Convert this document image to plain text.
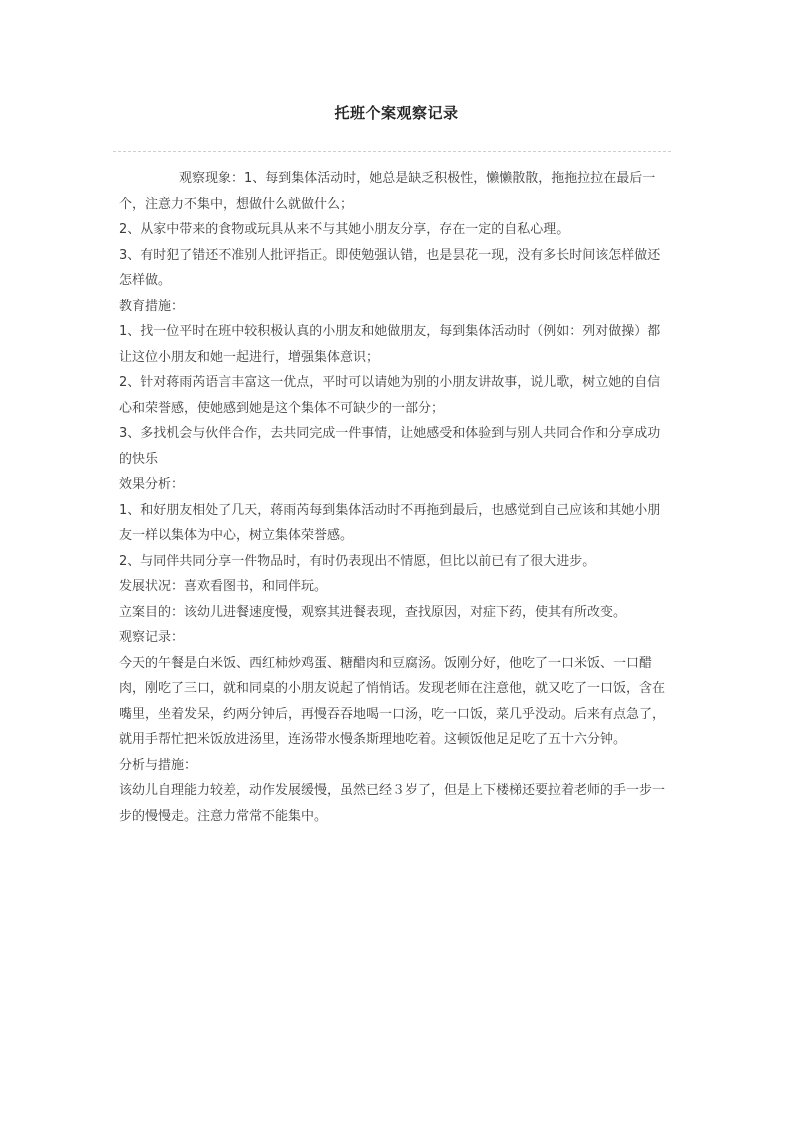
托班个案观察记录

观察现象：1、每到集体活动时，她总是缺乏积极性，懒懒散散，拖拖拉拉在最后一个，注意力不集中，想做什么就做什么；

2、从家中带来的食物或玩具从来不与其她小朋友分享，存在一定的自私心理。

3、有时犯了错还不准别人批评指正。即使勉强认错，也是昙花一现，没有多长时间该怎样做还怎样做。

教育措施：

1、找一位平时在班中较积极认真的小朋友和她做朋友，每到集体活动时（例如：列对做操）都让这位小朋友和她一起进行，增强集体意识；

2、针对蒋雨芮语言丰富这一优点，平时可以请她为别的小朋友讲故事，说儿歌，树立她的自信心和荣誉感，使她感到她是这个集体不可缺少的一部分；

3、多找机会与伙伴合作，去共同完成一件事情，让她感受和体验到与别人共同合作和分享成功的快乐

效果分析：

1、和好朋友相处了几天，蒋雨芮每到集体活动时不再拖到最后，也感觉到自己应该和其她小朋友一样以集体为中心，树立集体荣誉感。

2、与同伴共同分享一件物品时，有时仍表现出不情愿，但比以前已有了很大进步。

发展状况：喜欢看图书，和同伴玩。

立案目的：该幼儿进餐速度慢，观察其进餐表现，查找原因，对症下药，使其有所改变。

观察记录：

今天的午餐是白米饭、西红柿炒鸡蛋、糖醋肉和豆腐汤。饭刚分好，他吃了一口米饭、一口醋肉，刚吃了三口，就和同桌的小朋友说起了悄悄话。发现老师在注意他，就又吃了一口饭，含在嘴里，坐着发呆，约两分钟后，再慢吞吞地喝一口汤，吃一口饭，菜几乎没动。后来有点急了，就用手帮忙把米饭放进汤里，连汤带水慢条斯理地吃着。这顿饭他足足吃了五十六分钟。

分析与措施：

该幼儿自理能力较差，动作发展缓慢，虽然已经３岁了，但是上下楼梯还要拉着老师的手一步一步的慢慢走。注意力常常不能集中。
